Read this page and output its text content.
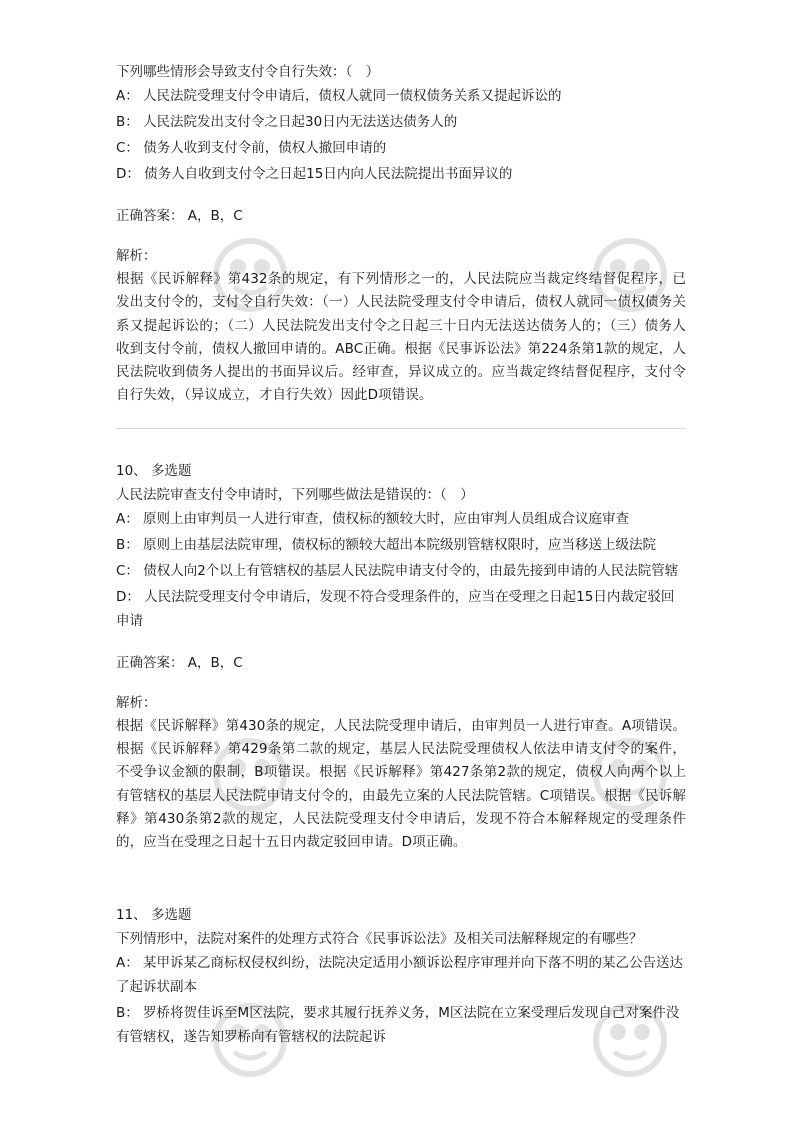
下列哪些情形会导致支付令自行失效：（　）

A： 人民法院受理支付令申请后，债权人就同一债权债务关系又提起诉讼的

B： 人民法院发出支付令之日起30日内无法送达债务人的

C： 债务人收到支付令前，债权人撤回申请的

D： 债务人自收到支付令之日起15日内向人民法院提出书面异议的

正确答案： A，B，C

解析：

根据《民诉解释》第432条的规定，有下列情形之一的，人民法院应当裁定终结督促程序，已发出支付令的，支付令自行失效：（一）人民法院受理支付令申请后，债权人就同一债权债务关系又提起诉讼的；（二）人民法院发出支付令之日起三十日内无法送达债务人的；（三）债务人收到支付令前，债权人撤回申请的。ABC正确。根据《民事诉讼法》第224条第1款的规定，人民法院收到债务人提出的书面异议后。经审查，异议成立的。应当裁定终结督促程序，支付令自行失效，（异议成立，才自行失效）因此D项错误。

10、 多选题

人民法院审查支付令申请时，下列哪些做法是错误的：（　）

A： 原则上由审判员一人进行审查，债权标的额较大时，应由审判人员组成合议庭审查

B： 原则上由基层法院审理，债权标的额较大超出本院级别管辖权限时，应当移送上级法院

C： 债权人向2个以上有管辖权的基层人民法院申请支付令的，由最先接到申请的人民法院管辖

D： 人民法院受理支付令申请后，发现不符合受理条件的，应当在受理之日起15日内裁定驳回申请

正确答案： A，B，C

解析：

根据《民诉解释》第430条的规定，人民法院受理申请后，由审判员一人进行审查。A项错误。根据《民诉解释》第429条第二款的规定，基层人民法院受理债权人依法申请支付令的案件，不受争议金额的限制，B项错误。根据《民诉解释》第427条第2款的规定，债权人向两个以上有管辖权的基层人民法院申请支付令的，由最先立案的人民法院管辖。C项错误。根据《民诉解释》第430条第2款的规定，人民法院受理支付令申请后，发现不符合本解释规定的受理条件的，应当在受理之日起十五日内裁定驳回申请。D项正确。

11、 多选题

下列情形中，法院对案件的处理方式符合《民事诉讼法》及相关司法解释规定的有哪些？

A： 某甲诉某乙商标权侵权纠纷，法院决定适用小额诉讼程序审理并向下落不明的某乙公告送达了起诉状副本

B： 罗桥将贺佳诉至M区法院，要求其履行抚养义务，M区法院在立案受理后发现自己对案件没有管辖权，遂告知罗桥向有管辖权的法院起诉
